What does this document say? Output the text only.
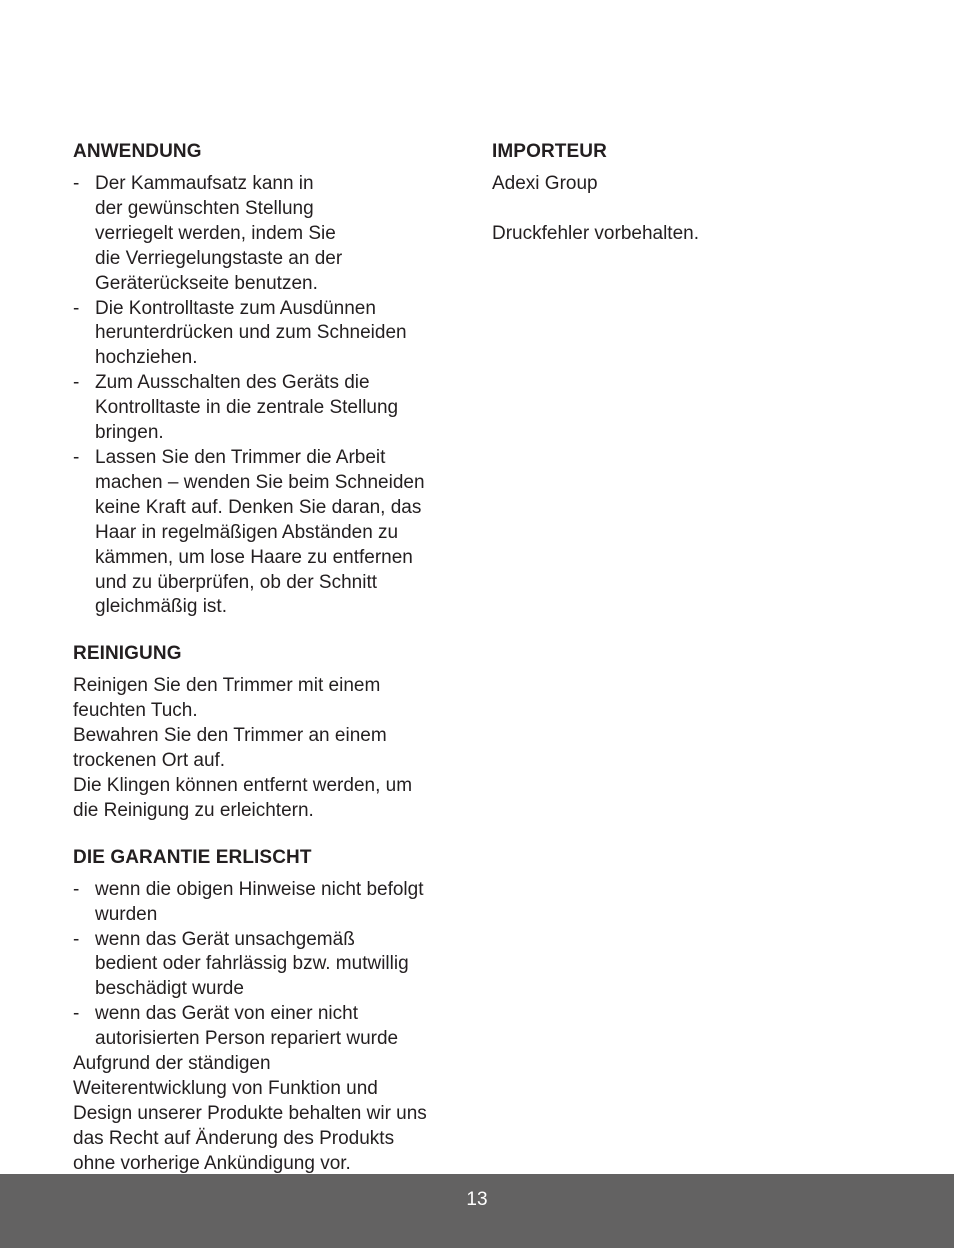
ANWENDUNG
- Der Kammaufsatz kann in
der gewünschten Stellung
verriegelt werden, indem Sie
die Verriegelungstaste an der
Geräterückseite benutzen.
- Die Kontrolltaste zum Ausdünnen
herunterdrücken und zum Schneiden
hochziehen.
- Zum Ausschalten des Geräts die
Kontrolltaste in die zentrale Stellung
bringen.
- Lassen Sie den Trimmer die Arbeit
machen – wenden Sie beim Schneiden
keine Kraft auf. Denken Sie daran, das
Haar in regelmäßigen Abständen zu
kämmen, um lose Haare zu entfernen
und zu überprüfen, ob der Schnitt
gleichmäßig ist.
REINIGUNG

Reinigen Sie den Trimmer mit einem
feuchten Tuch.
Bewahren Sie den Trimmer an einem
trockenen Ort auf.
Die Klingen können entfernt werden, um
die Reinigung zu erleichtern.

DIE GARANTIE ERLISCHT
- wenn die obigen Hinweise nicht befolgt
wurden
- wenn das Gerät unsachgemäß
bedient oder fahrlässig bzw. mutwillig
beschädigt wurde
- wenn das Gerät von einer nicht
autorisierten Person repariert wurde

Aufgrund der ständigen
Weiterentwicklung von Funktion und
Design unserer Produkte behalten wir uns
das Recht auf Änderung des Produkts
ohne vorherige Ankündigung vor.

IMPORTEUR

Adexi Group

Druckfehler vorbehalten.

13
